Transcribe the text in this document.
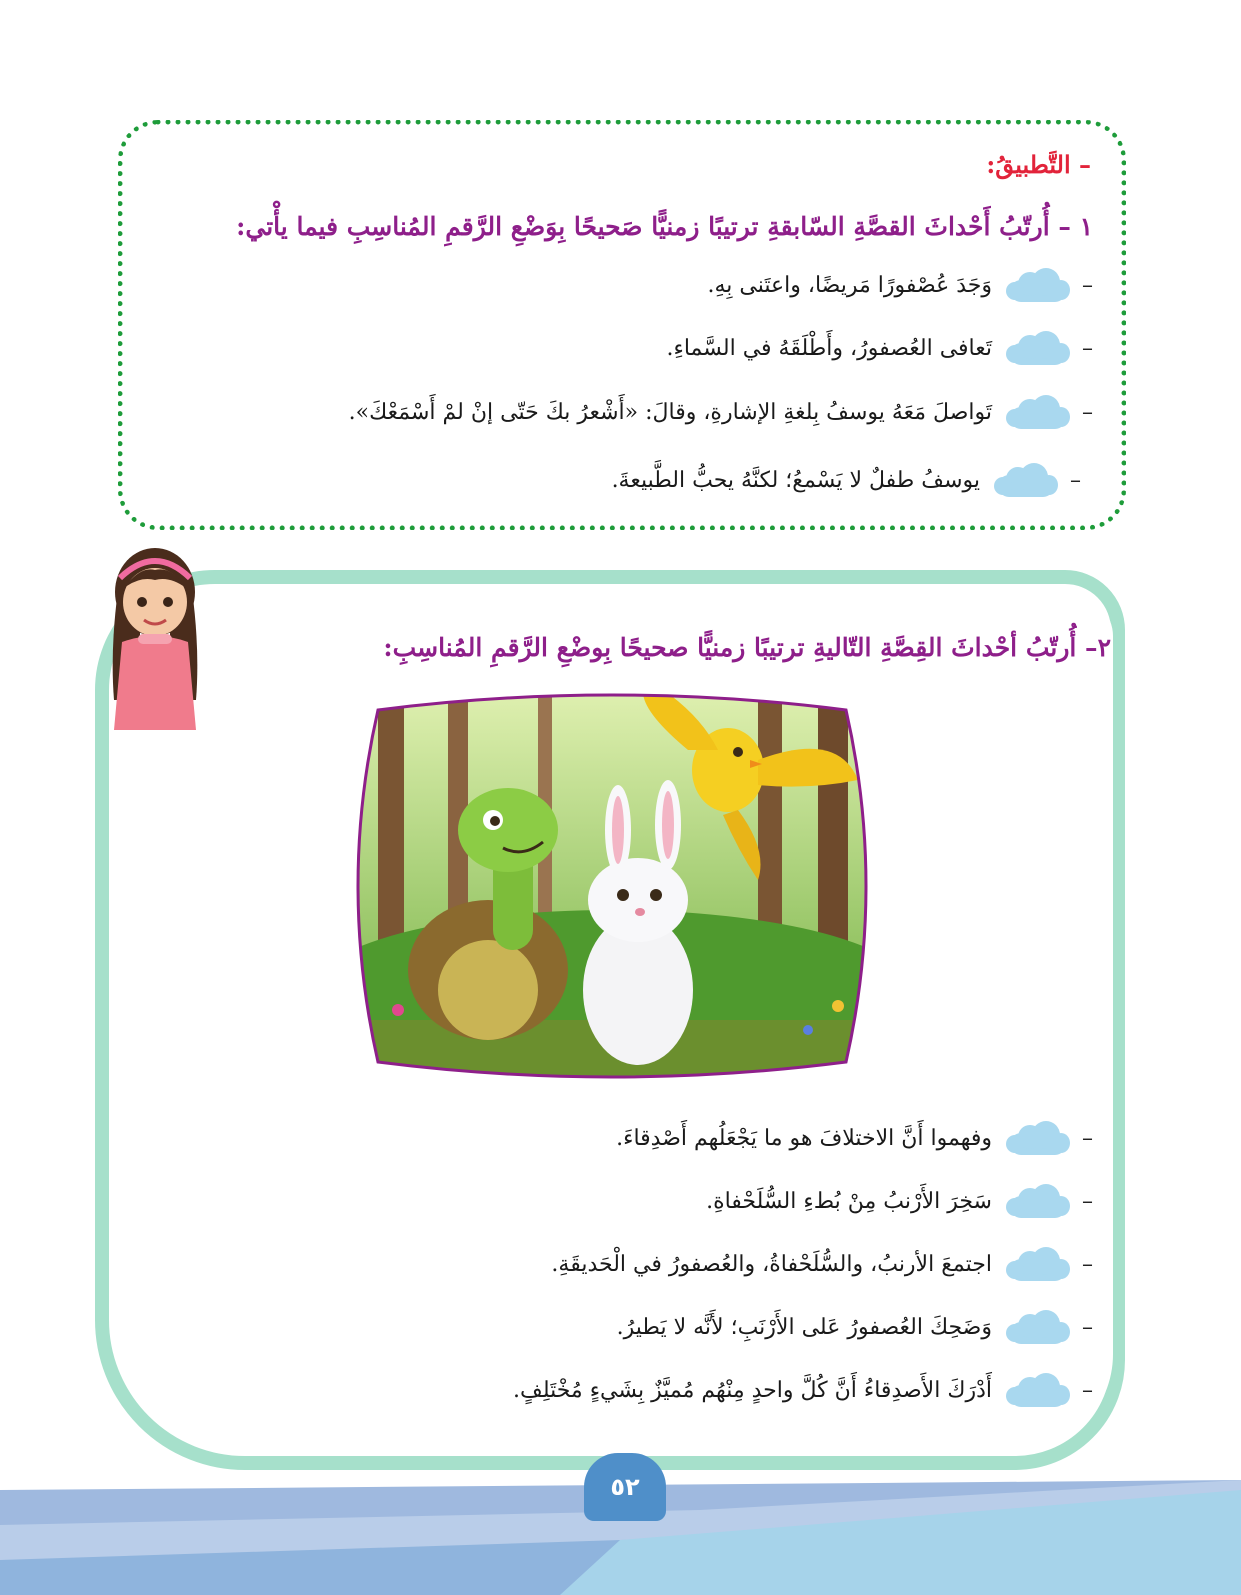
– التَّطبيقُ:
١ – أُرتّبُ أَحْداثَ القصَّةِ السّابقةِ ترتيبًا زمنيًّا صَحيحًا بِوَضْعِ الرَّقمِ المُناسِبِ فيما يأْتي:
–
وَجَدَ عُصْفورًا مَريضًا، واعتَنى بِهِ.
–
تَعافى العُصفورُ، وأَطْلَقَهُ في السَّماءِ.
–
تَواصلَ مَعَهُ يوسفُ بِلغةِ الإشارةِ، وقالَ: «أَشْعرُ بكَ حَتّى إنْ لمْ أَسْمَعْكَ».
–
يوسفُ طفلٌ لا يَسْمعُ؛ لكنَّهُ يحبُّ الطَّبيعةَ.
٢– أُرتّبُ أحْداثَ القِصَّةِ التّاليةِ ترتيبًا زمنيًّا صحيحًا بِوضْعِ الرَّقمِ المُناسِبِ:
–
وفهموا أَنَّ الاختلافَ هو ما يَجْعَلُهم أَصْدِقاءَ.
–
سَخِرَ الأَرْنبُ مِنْ بُطءِ السُّلَحْفاةِ.
–
اجتمعَ الأرنبُ، والسُّلَحْفاةُ، والعُصفورُ في الْحَديقَةِ.
–
وَضَحِكَ العُصفورُ عَلى الأَرْنَبِ؛ لأَنَّه لا يَطيرُ.
–
أَدْرَكَ الأَصدِقاءُ أَنَّ كُلَّ واحدٍ مِنْهُم مُميَّزٌ بِشَيءٍ مُخْتَلِفٍ.
٥٢
